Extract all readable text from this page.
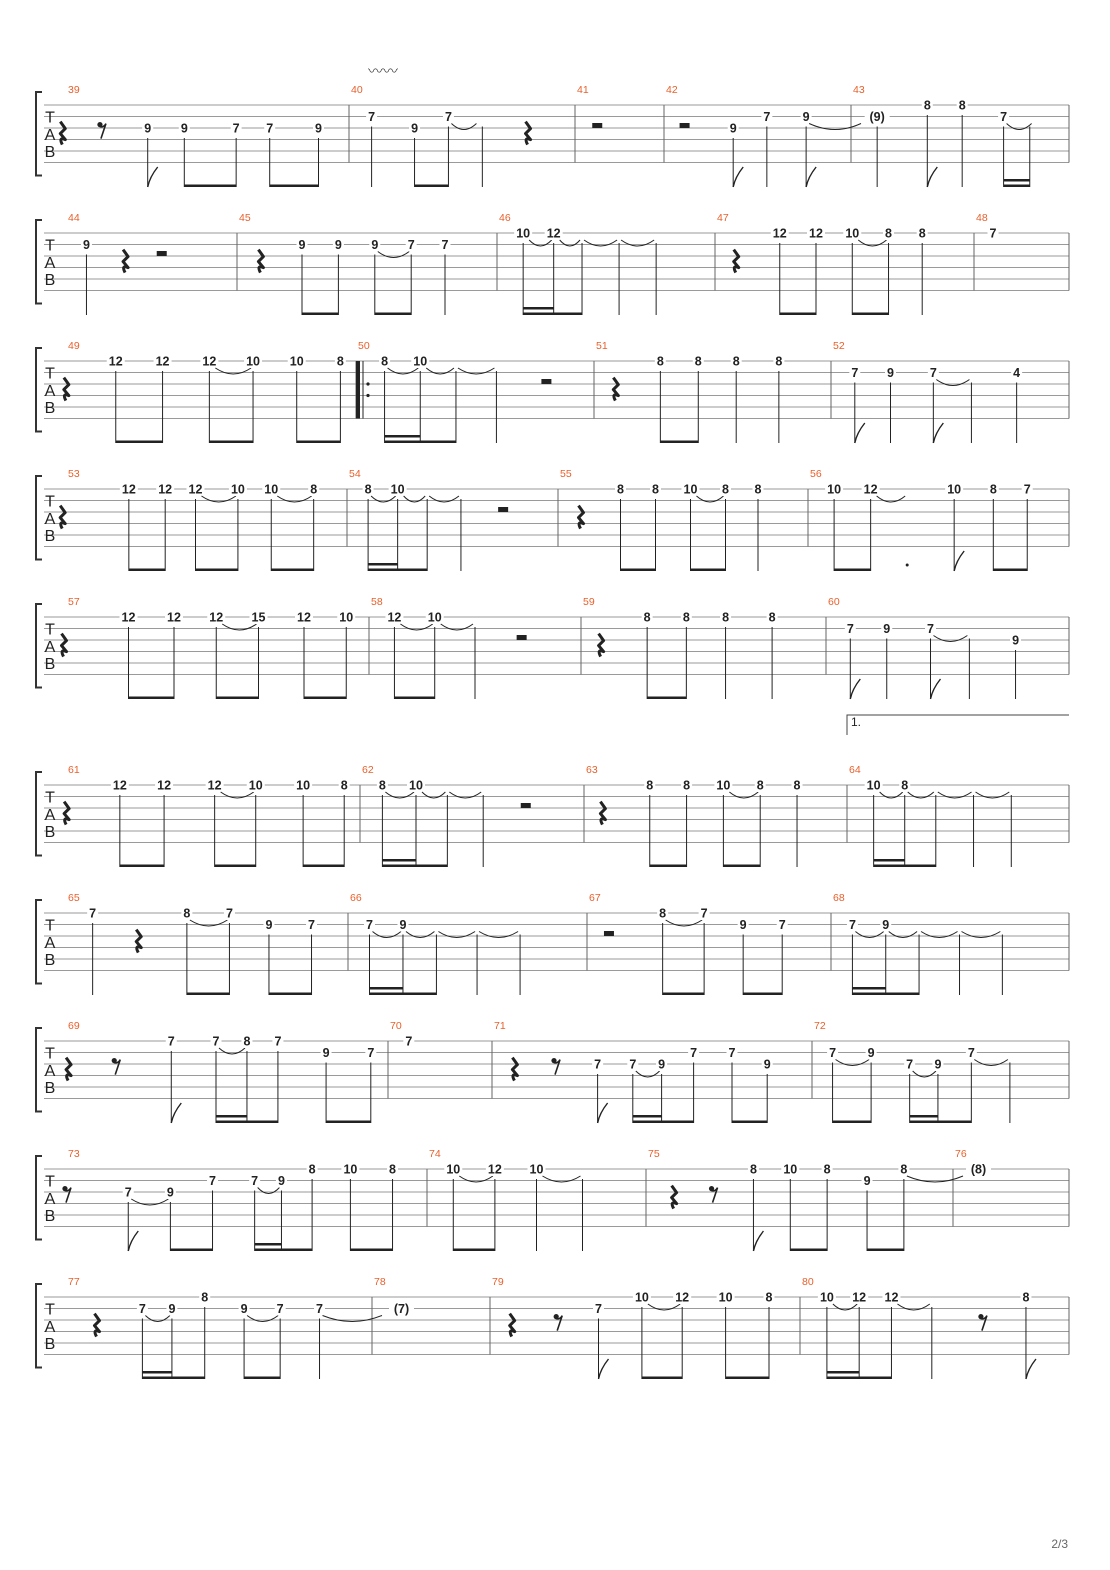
〰〰
T
A
B
39
9 9	7 7	9
40
7
9
7
41	42
9
7	9
43
(9)
8 8
7
T
A
B
44
9
45
9 9 9 7 7
46
10 12
47
12 12 10 8 8
48
7
T
A
B
49
12	12	12 10 10	8
50
8 10
51
8 8 8	8
52
7 9	7	4
T
A
B
53
12 12 12 10 10	8
54
8 10
55
8 8 10 8 8
56
10 12	10 8 7
T
A
B
57
12	12 12 15	12 10
58
12 10
59
8	8	8	8
60
7 9	7
9
T
A
B
1.
61
12 12	12 10	10 8
62
8 10
63
8 8 10 8 8
64
10 8
T
A
B
65
7	8	7
9	7
66
7 9
67
8	7
9	7
68
7 9
T
A
B
69
7	7 8 7
9	7
70
7
71
7 7 9
7	7
9
72
7	9
7 9
7
T
A
B
73
7	9
7	7 9
8 10	8
74
10 12 10
75
8 10 8
9
8
76
(8)
T
A
B
77
7 9
8
9 7	7
78
(7)
79
7
10 12 10	8
80
10 12 12	8
2/3
